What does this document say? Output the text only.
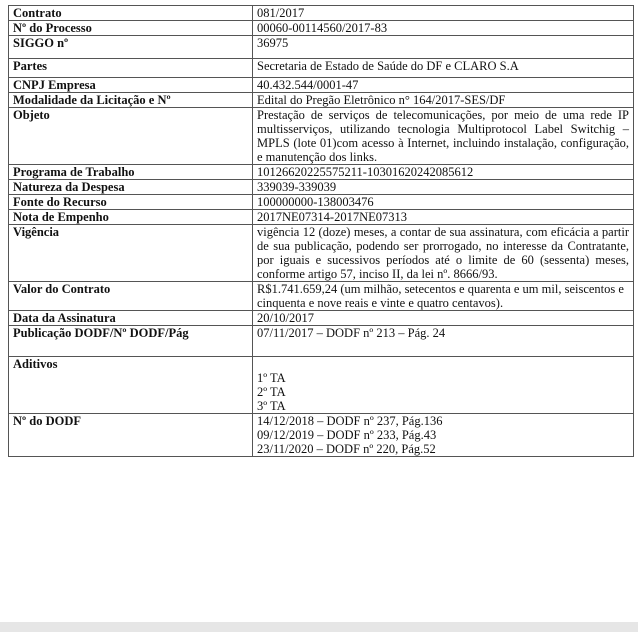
Contrato	081/2017

Nº do Processo	00060-00114560/2017-83

SIGGO nº	36975

Partes	Secretaria de Estado de Saúde do DF e CLARO S.A

CNPJ Empresa	40.432.544/0001-47

Modalidade da Licitação e Nº	Edital do Pregão Eletrônico n° 164/2017-SES/DF

Objeto	Prestação de serviços de telecomunicações, por meio de uma rede IP multisserviços, utilizando tecnologia Multiprotocol Label Switchig – MPLS (lote 01)com acesso à Internet, incluindo instalação, configuração, e manutenção dos links.

Programa de Trabalho	10126620225575211-10301620242085612

Natureza da Despesa	339039-339039

Fonte do Recurso	100000000-138003476

Nota de Empenho	2017NE07314-2017NE07313

Vigência	vigência 12 (doze) meses, a contar de sua assinatura, com eficácia a partir de sua publicação, podendo ser prorrogado, no interesse da Contratante, por iguais e sucessivos períodos até o limite de 60 (sessenta) meses, conforme artigo 57, inciso II, da lei nº. 8666/93.

Valor do Contrato	R$1.741.659,24 (um milhão, setecentos e quarenta e um mil, seiscentos e cinquenta e nove reais e vinte e quatro centavos).

Data da Assinatura	20/10/2017

Publicação DODF/Nº DODF/Pág	07/11/2017 – DODF nº 213 – Pág. 24

Aditivos	1º TA
2º TA
3º TA

Nº do DODF	14/12/2018 – DODF nº 237, Pág.136
09/12/2019 – DODF nº 233, Pág.43
23/11/2020 – DODF nº 220, Pág.52
